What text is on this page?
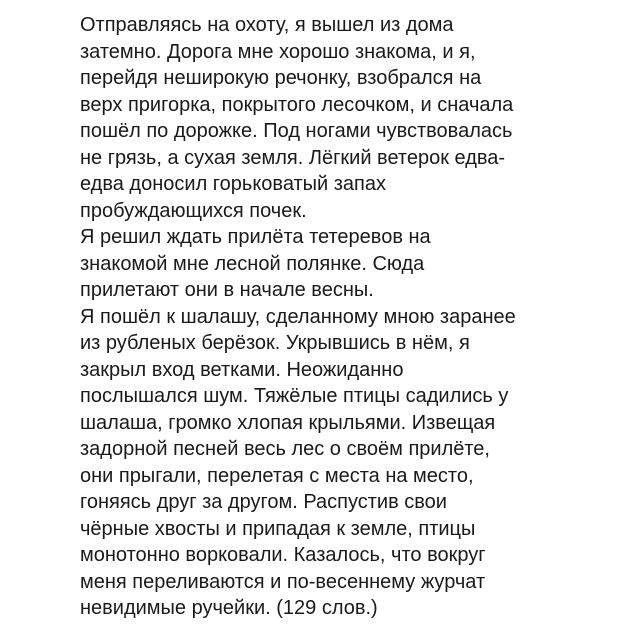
Отправляясь на охоту, я вышел из дома
затемно. Дорога мне хорошо знакома, и я,
перейдя неширокую речонку, взобрался на
верх пригорка, покрытого лесочком, и сначала
пошёл по дорожке. Под ногами чувствовалась
не грязь, а сухая земля. Лёгкий ветерок едва-
едва доносил горьковатый запах
пробуждающихся почек.

Я решил ждать прилёта тетеревов на
знакомой мне лесной полянке. Сюда
прилетают они в начале весны.

Я пошёл к шалашу, сделанному мною заранее
из рубленых берёзок. Укрывшись в нём, я
закрыл вход ветками. Неожиданно
послышался шум. Тяжёлые птицы садились у
шалаша, громко хлопая крыльями. Извещая
задорной песней весь лес о своём прилёте,
они прыгали, перелетая с места на место,
гоняясь друг за другом. Распустив свои
чёрные хвосты и припадая к земле, птицы
монотонно ворковали. Казалось, что вокруг
меня переливаются и по-весеннему журчат
невидимые ручейки. (129 слов.)
